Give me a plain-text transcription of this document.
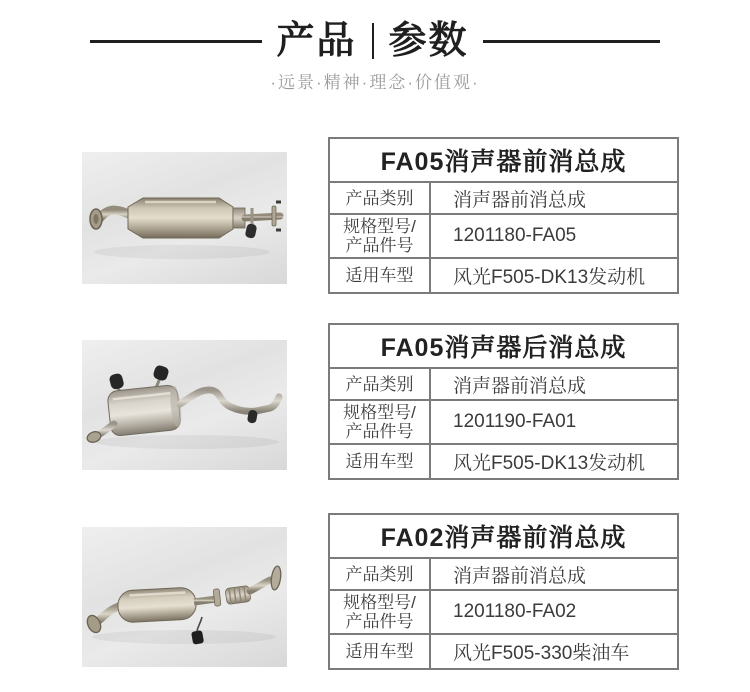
产品 参数
·远景·精神·理念·价值观·
FA05消声器前消总成
产品类别	消声器前消总成
规格型号/
产品件号	1201180-FA05
适用车型	风光F505-DK13发动机
FA05消声器后消总成
产品类别	消声器前消总成
规格型号/
产品件号	1201190-FA01
适用车型	风光F505-DK13发动机
FA02消声器前消总成
产品类别	消声器前消总成
规格型号/
产品件号	1201180-FA02
适用车型	风光F505-330柴油车
